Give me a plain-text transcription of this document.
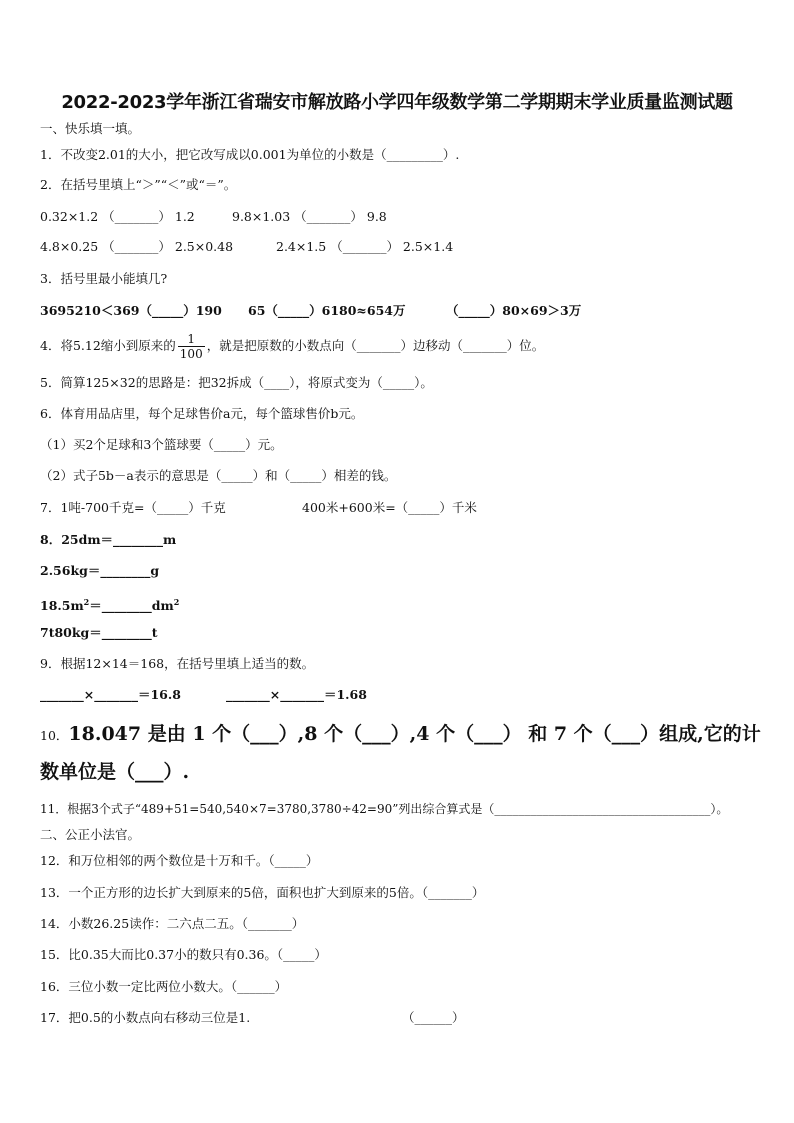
2022-2023学年浙江省瑞安市解放路小学四年级数学第二学期期末学业质量监测试题
一、快乐填一填。
1．不改变2.01的大小，把它改写成以0.001为单位的小数是（_________）.
2．在括号里填上“＞”“＜”或“＝”。
0.32×1.2 （_______） 1.2	9.8×1.03 （_______） 9.8
4.8×0.25 （_______） 2.5×0.48	2.4×1.5 （_______） 2.5×1.4
3．括号里最小能填几?
3695210＜369（_____）190 65（_____）6180≈654万	（_____）80×69＞3万
4．将5.12缩小到原来的 $\frac{1}{100}$ ，就是把原数的小数点向（_______）边移动（_______）位。
5．简算125×32的思路是：把32拆成（____），将原式变为（_____）。
6．体育用品店里，每个足球售价a元，每个篮球售价b元。
（1）买2个足球和3个篮球要（_____）元。
（2）式子5b－a表示的意思是（_____）和（_____）相差的钱。
7．1吨-700千克=（_____）千克	400米+600米=（_____）千米
8．25dm＝________m
2.56kg＝________g
$18.5m^2=\_\_\_\_\_\_\_\_dm^2$
7t80kg＝________t
9．根据12×14＝168，在括号里填上适当的数。
_______×_______＝16.8	_______×_______＝1.68
10．18.047 是由 1 个（___）,8 个（___）,4 个（___） 和 7 个（___）组成,它的计
数单位是（___）.
11．根据3个式子“489+51=540,540×7=3780,3780÷42=90”列出综合算式是（____________________________________）。
二、公正小法官。
12．和万位相邻的两个数位是十万和千。（_____）
13．一个正方形的边长扩大到原来的5倍，面积也扩大到原来的5倍。（_______）
14．小数26.25读作：二六点二五。（_______）
15．比0.35大而比0.37小的数只有0.36。（_____）
16．三位小数一定比两位小数大。（______）
17．把0.5的小数点向右移动三位是1.	（______）
